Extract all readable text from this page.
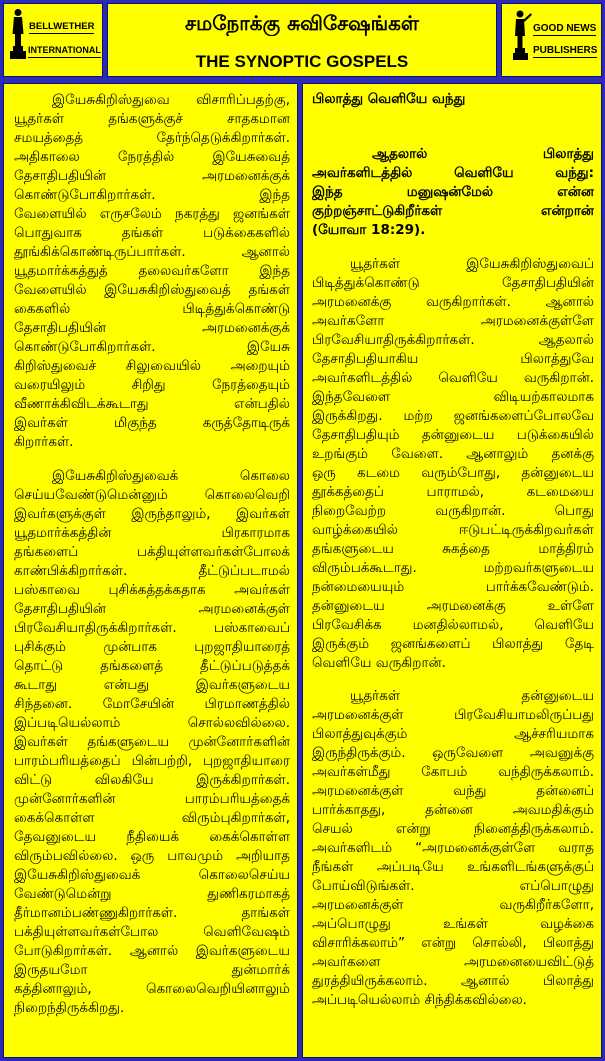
BELLWETHER
INTERNATIONAL
சமநோக்கு சுவிசேஷங்கள்
THE SYNOPTIC GOSPELS
GOOD NEWS
PUBLISHERS
இயேசுகிறிஸ்துவை விசாரிப்பதற்கு,
யூதர்கள் தங்களுக்குச் சாதகமான
சமயத்தைத் தேர்ந்தெடுக்கிறார்கள்.
அதிகாலை நேரத்தில் இயேசுவைத்
தேசாதிபதியின் அரமனைக்குக்
கொண்டுபோகிறார்கள். இந்த
வேளையில் எருசலேம் நகரத்து ஜனங்கள்
பொதுவாக தங்கள் படுக்கைகளில்
தூங்கிக்கொண்டிருப்பார்கள். ஆனால்
யூதமார்க்கத்துத் தலைவர்களோ இந்த
வேளையில் இயேசுகிறிஸ்துவைத் தங்கள்
கைகளில் பிடித்துக்கொண்டு
தேசாதிபதியின் அரமனைக்குக்
கொண்டுபோகிறார்கள். இயேசு
கிறிஸ்துவைச் சிலுவையில் அறையும்
வரையிலும் சிறிது நேரத்தையும்
வீணாக்கிவிடக்கூடாது என்பதில்
இவர்கள் மிகுந்த கருத்தோடிருக்
கிறார்கள்.
இயேசுகிறிஸ்துவைக் கொலை
செய்யவேண்டுமென்னும் கொலைவெறி
இவர்களுக்குள் இருந்தாலும், இவர்கள்
யூதமார்க்கத்தின் பிரகாரமாக
தங்களைப் பக்தியுள்ளவர்கள்போலக்
காண்பிக்கிறார்கள். தீட்டுப்படாமல்
பஸ்காவை புசிக்கத்தக்கதாக அவர்கள்
தேசாதிபதியின் அரமனைக்குள்
பிரவேசியாதிருக்கிறார்கள். பஸ்காவைப்
புசிக்கும் முன்பாக புறஜாதியாரைத்
தொட்டு தங்களைத் தீட்டுப்படுத்தக்
கூடாது என்பது இவர்களுடைய
சிந்தனை. மோசேயின் பிரமாணத்தில்
இப்படியெல்லாம் சொல்லவில்லை.
இவர்கள் தங்களுடைய முன்னோர்களின்
பாரம்பரியத்தைப் பின்பற்றி, புறஜாதியாரை
விட்டு விலகியே இருக்கிறார்கள்.
முன்னோர்களின் பாரம்பரியத்தைக்
கைக்கொள்ள விரும்புகிறார்கள்,
தேவனுடைய நீதியைக் கைக்கொள்ள
விரும்பவில்லை. ஒரு பாவமும் அறியாத
இயேசுகிறிஸ்துவைக் கொலைசெய்ய
வேண்டுமென்று துணிகரமாகத்
தீர்மானம்பண்ணுகிறார்கள். தாங்கள்
பக்தியுள்ளவர்கள்போல வெளிவேஷம்
போடுகிறார்கள். ஆனால் இவர்களுடைய
இருதயமோ துன்மார்க்
கத்தினாலும், கொலைவெறியினாலும்
நிறைந்திருக்கிறது.
பிலாத்து வெளியே வந்து
ஆதலால் பிலாத்து
அவர்களிடத்தில் வெளியே வந்து:
இந்த மனுஷன்மேல் என்ன
குற்றஞ்சாட்டுகிறீர்கள் என்றான்
(யோவா 18:29).
யூதர்கள் இயேசுகிறிஸ்துவைப்
பிடித்துக்கொண்டு தேசாதிபதியின்
அரமனைக்கு வருகிறார்கள். ஆனால்
அவர்களோ அரமனைக்குள்ளே
பிரவேசியாதிருக்கிறார்கள். ஆதலால்
தேசாதிபதியாகிய பிலாத்துவே
அவர்களிடத்தில் வெளியே வருகிறான்.
இந்தவேளை விடியற்காலமாக
இருக்கிறது. மற்ற ஜனங்களைப்போலவே
தேசாதிபதியும் தன்னுடைய படுக்கையில்
உறங்கும் வேளை. ஆனாலும் தனக்கு
ஒரு கடமை வரும்போது, தன்னுடைய
தூக்கத்தைப் பாராமல், கடமையை
நிறைவேற்ற வருகிறான். பொது
வாழ்க்கையில் ஈடுபட்டிருக்கிறவர்கள்
தங்களுடைய சுகத்தை மாத்திரம்
விரும்பக்கூடாது. மற்றவர்களுடைய
நன்மையையும் பார்க்கவேண்டும்.
தன்னுடைய அரமனைக்கு உள்ளே
பிரவேசிக்க மனதில்லாமல், வெளியே
இருக்கும் ஜனங்களைப் பிலாத்து தேடி
வெளியே வருகிறான்.
யூதர்கள் தன்னுடைய
அரமனைக்குள் பிரவேசியாமலிருப்பது
பிலாத்துவுக்கும் ஆச்சரியமாக
இருந்திருக்கும். ஒருவேளை அவனுக்கு
அவர்கள்மீது கோபம் வந்திருக்கலாம்.
அரமனைக்குள் வந்து தன்னைப்
பார்க்காதது, தன்னை அவமதிக்கும்
செயல் என்று நினைத்திருக்கலாம்.
அவர்களிடம் “அரமனைக்குள்ளே வராத
நீங்கள் அப்படியே உங்களிடங்களுக்குப்
போய்விடுங்கள். எப்பொழுது
அரமனைக்குள் வருகிறீர்களோ,
அப்பொழுது உங்கள் வழக்கை
விசாரிக்கலாம்” என்று சொல்லி, பிலாத்து
அவர்களை அரமனையைவிட்டுத்
துரத்தியிருக்கலாம். ஆனால் பிலாத்து
அப்படியெல்லாம் சிந்திக்கவில்லை.
